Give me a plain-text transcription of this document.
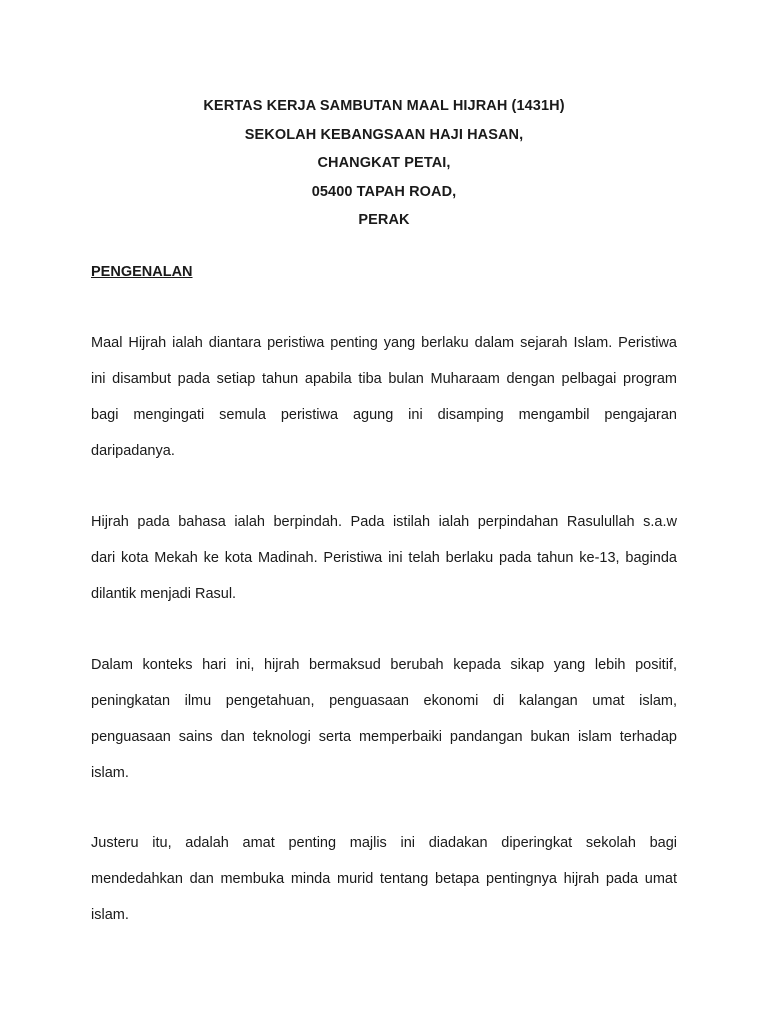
KERTAS KERJA SAMBUTAN MAAL HIJRAH (1431H)
SEKOLAH KEBANGSAAN HAJI HASAN,
CHANGKAT PETAI,
05400 TAPAH ROAD,
PERAK
PENGENALAN

Maal Hijrah ialah diantara peristiwa penting yang berlaku dalam sejarah Islam. Peristiwa
ini disambut pada setiap tahun apabila tiba bulan Muharaam dengan pelbagai program
bagi mengingati semula peristiwa agung ini disamping mengambil pengajaran
daripadanya.

Hijrah pada bahasa ialah berpindah. Pada istilah ialah perpindahan Rasulullah s.a.w
dari kota Mekah ke kota Madinah. Peristiwa ini telah berlaku pada tahun ke-13, baginda
dilantik menjadi Rasul.

Dalam konteks hari ini, hijrah bermaksud berubah kepada sikap yang lebih positif,
peningkatan ilmu pengetahuan, penguasaan ekonomi di kalangan umat islam,
penguasaan sains dan teknologi serta memperbaiki pandangan bukan islam terhadap
islam.

Justeru itu, adalah amat penting majlis ini diadakan diperingkat sekolah bagi
mendedahkan dan membuka minda murid tentang betapa pentingnya hijrah pada umat
islam.
